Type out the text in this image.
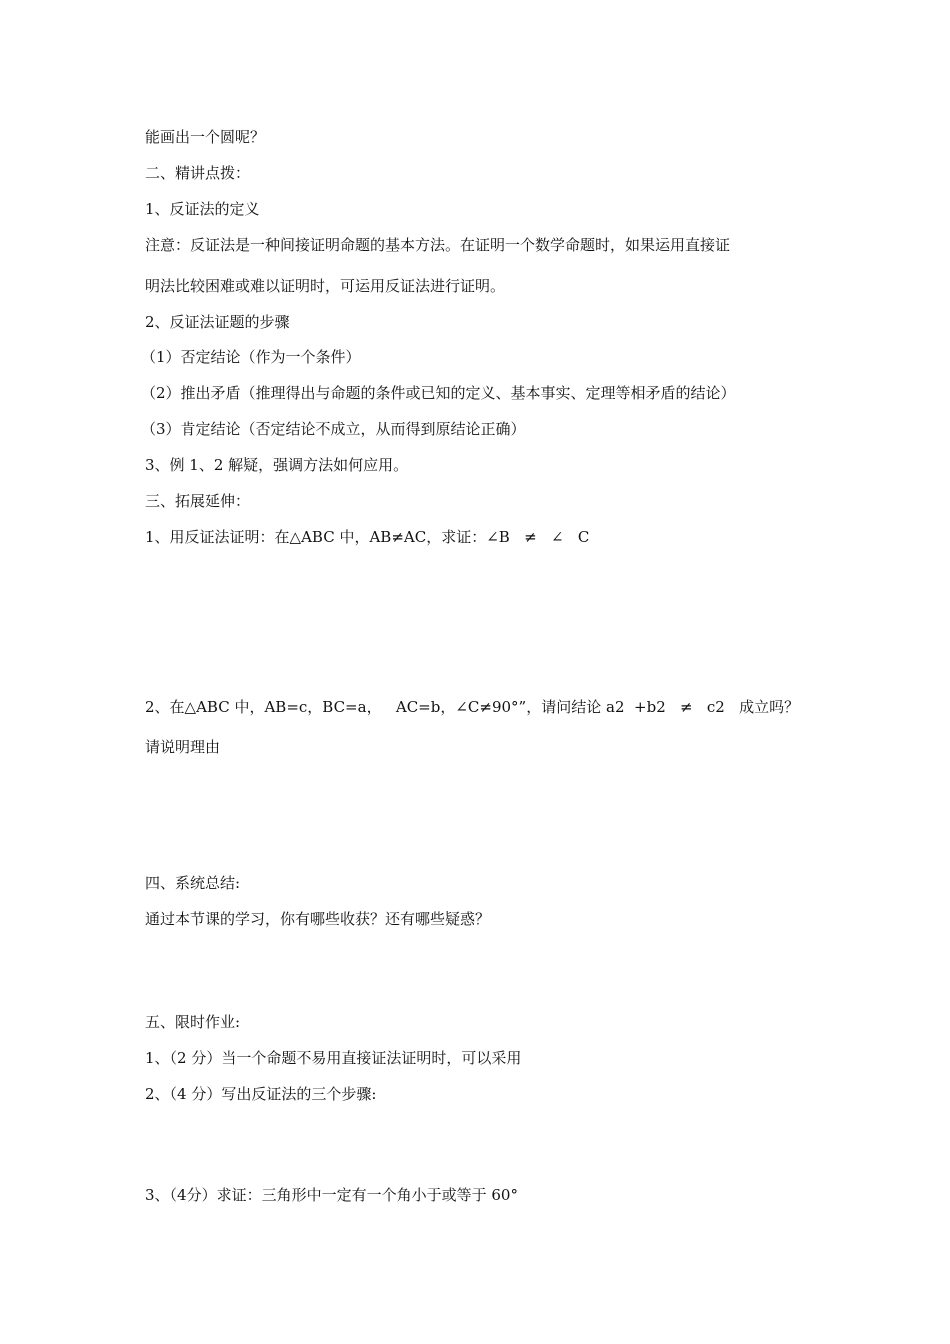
能画出一个圆呢？

二、精讲点拨：

1、反证法的定义

注意：反证法是一种间接证明命题的基本方法。在证明一个数学命题时，如果运用直接证

明法比较困难或难以证明时，可运用反证法进行证明。

2、反证法证题的步骤

（1）否定结论（作为一个条件）

（2）推出矛盾（推理得出与命题的条件或已知的定义、基本事实、定理等相矛盾的结论）

（3）肯定结论（否定结论不成立，从而得到原结论正确）

3、例 1、2 解疑，强调方法如何应用。

三、拓展延伸：

1、用反证法证明：在△ABC 中，AB≠AC，求证：∠B   ≠   ∠   C

2、在△ABC 中，AB=c，BC=a，   AC=b，∠C≠90°”，请问结论 a2  +b2   ≠   c2   成立吗？

请说明理由

四、系统总结:

通过本节课的学习，你有哪些收获？还有哪些疑惑？

五、限时作业:

1、（2 分）当一个命题不易用直接证法证明时，可以采用

2、（4 分）写出反证法的三个步骤:

3、（4分）求证：三角形中一定有一个角小于或等于 60°
